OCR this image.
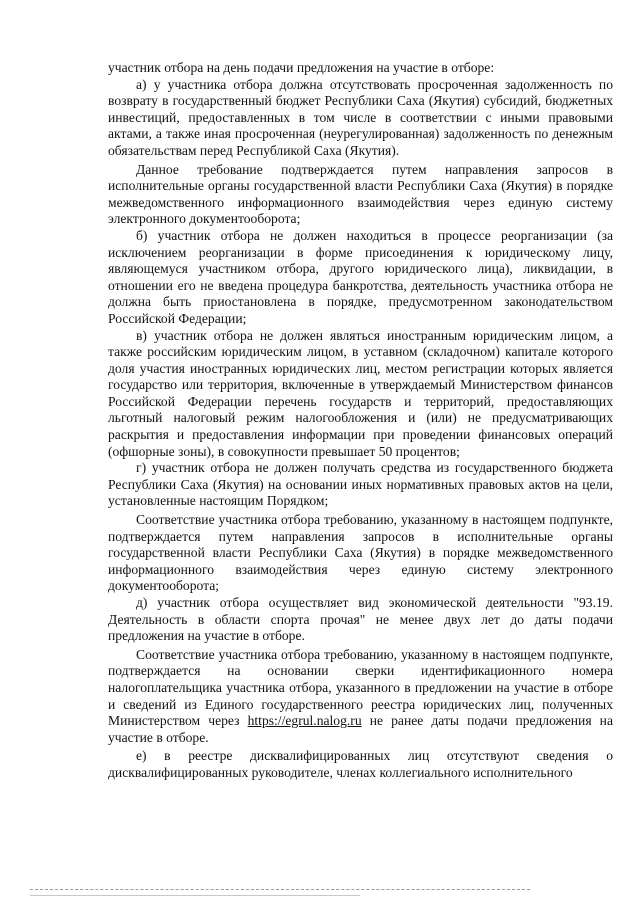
участник отбора на день подачи предложения на участие в отборе:

а) у участника отбора должна отсутствовать просроченная задолженность по возврату в государственный бюджет Республики Саха (Якутия) субсидий, бюджетных инвестиций, предоставленных в том числе в соответствии с иными правовыми актами, а также иная просроченная (неурегулированная) задолженность по денежным обязательствам перед Республикой Саха (Якутия).

Данное требование подтверждается путем направления запросов в исполнительные органы государственной власти Республики Саха (Якутия) в порядке межведомственного информационного взаимодействия через единую систему электронного документооборота;

б) участник отбора не должен находиться в процессе реорганизации (за исключением реорганизации в форме присоединения к юридическому лицу, являющемуся участником отбора, другого юридического лица), ликвидации, в отношении его не введена процедура банкротства, деятельность участника отбора не должна быть приостановлена в порядке, предусмотренном законодательством Российской Федерации;

в) участник отбора не должен являться иностранным юридическим лицом, а также российским юридическим лицом, в уставном (складочном) капитале которого доля участия иностранных юридических лиц, местом регистрации которых является государство или территория, включенные в утверждаемый Министерством финансов Российской Федерации перечень государств и территорий, предоставляющих льготный налоговый режим налогообложения и (или) не предусматривающих раскрытия и предоставления информации при проведении финансовых операций (офшорные зоны), в совокупности превышает 50 процентов;

г) участник отбора не должен получать средства из государственного бюджета Республики Саха (Якутия) на основании иных нормативных правовых актов на цели, установленные настоящим Порядком;

Соответствие участника отбора требованию, указанному в настоящем подпункте, подтверждается путем направления запросов в исполнительные органы государственной власти Республики Саха (Якутия) в порядке межведомственного информационного взаимодействия через единую систему электронного документооборота;

д) участник отбора осуществляет вид экономической деятельности "93.19. Деятельность в области спорта прочая" не менее двух лет до даты подачи предложения на участие в отборе.

Соответствие участника отбора требованию, указанному в настоящем подпункте, подтверждается на основании сверки идентификационного номера налогоплательщика участника отбора, указанного в предложении на участие в отборе и сведений из Единого государственного реестра юридических лиц, полученных Министерством через https://egrul.nalog.ru не ранее даты подачи предложения на участие в отборе.

е) в реестре дисквалифицированных лиц отсутствуют сведения о дисквалифицированных руководителе, членах коллегиального исполнительного
